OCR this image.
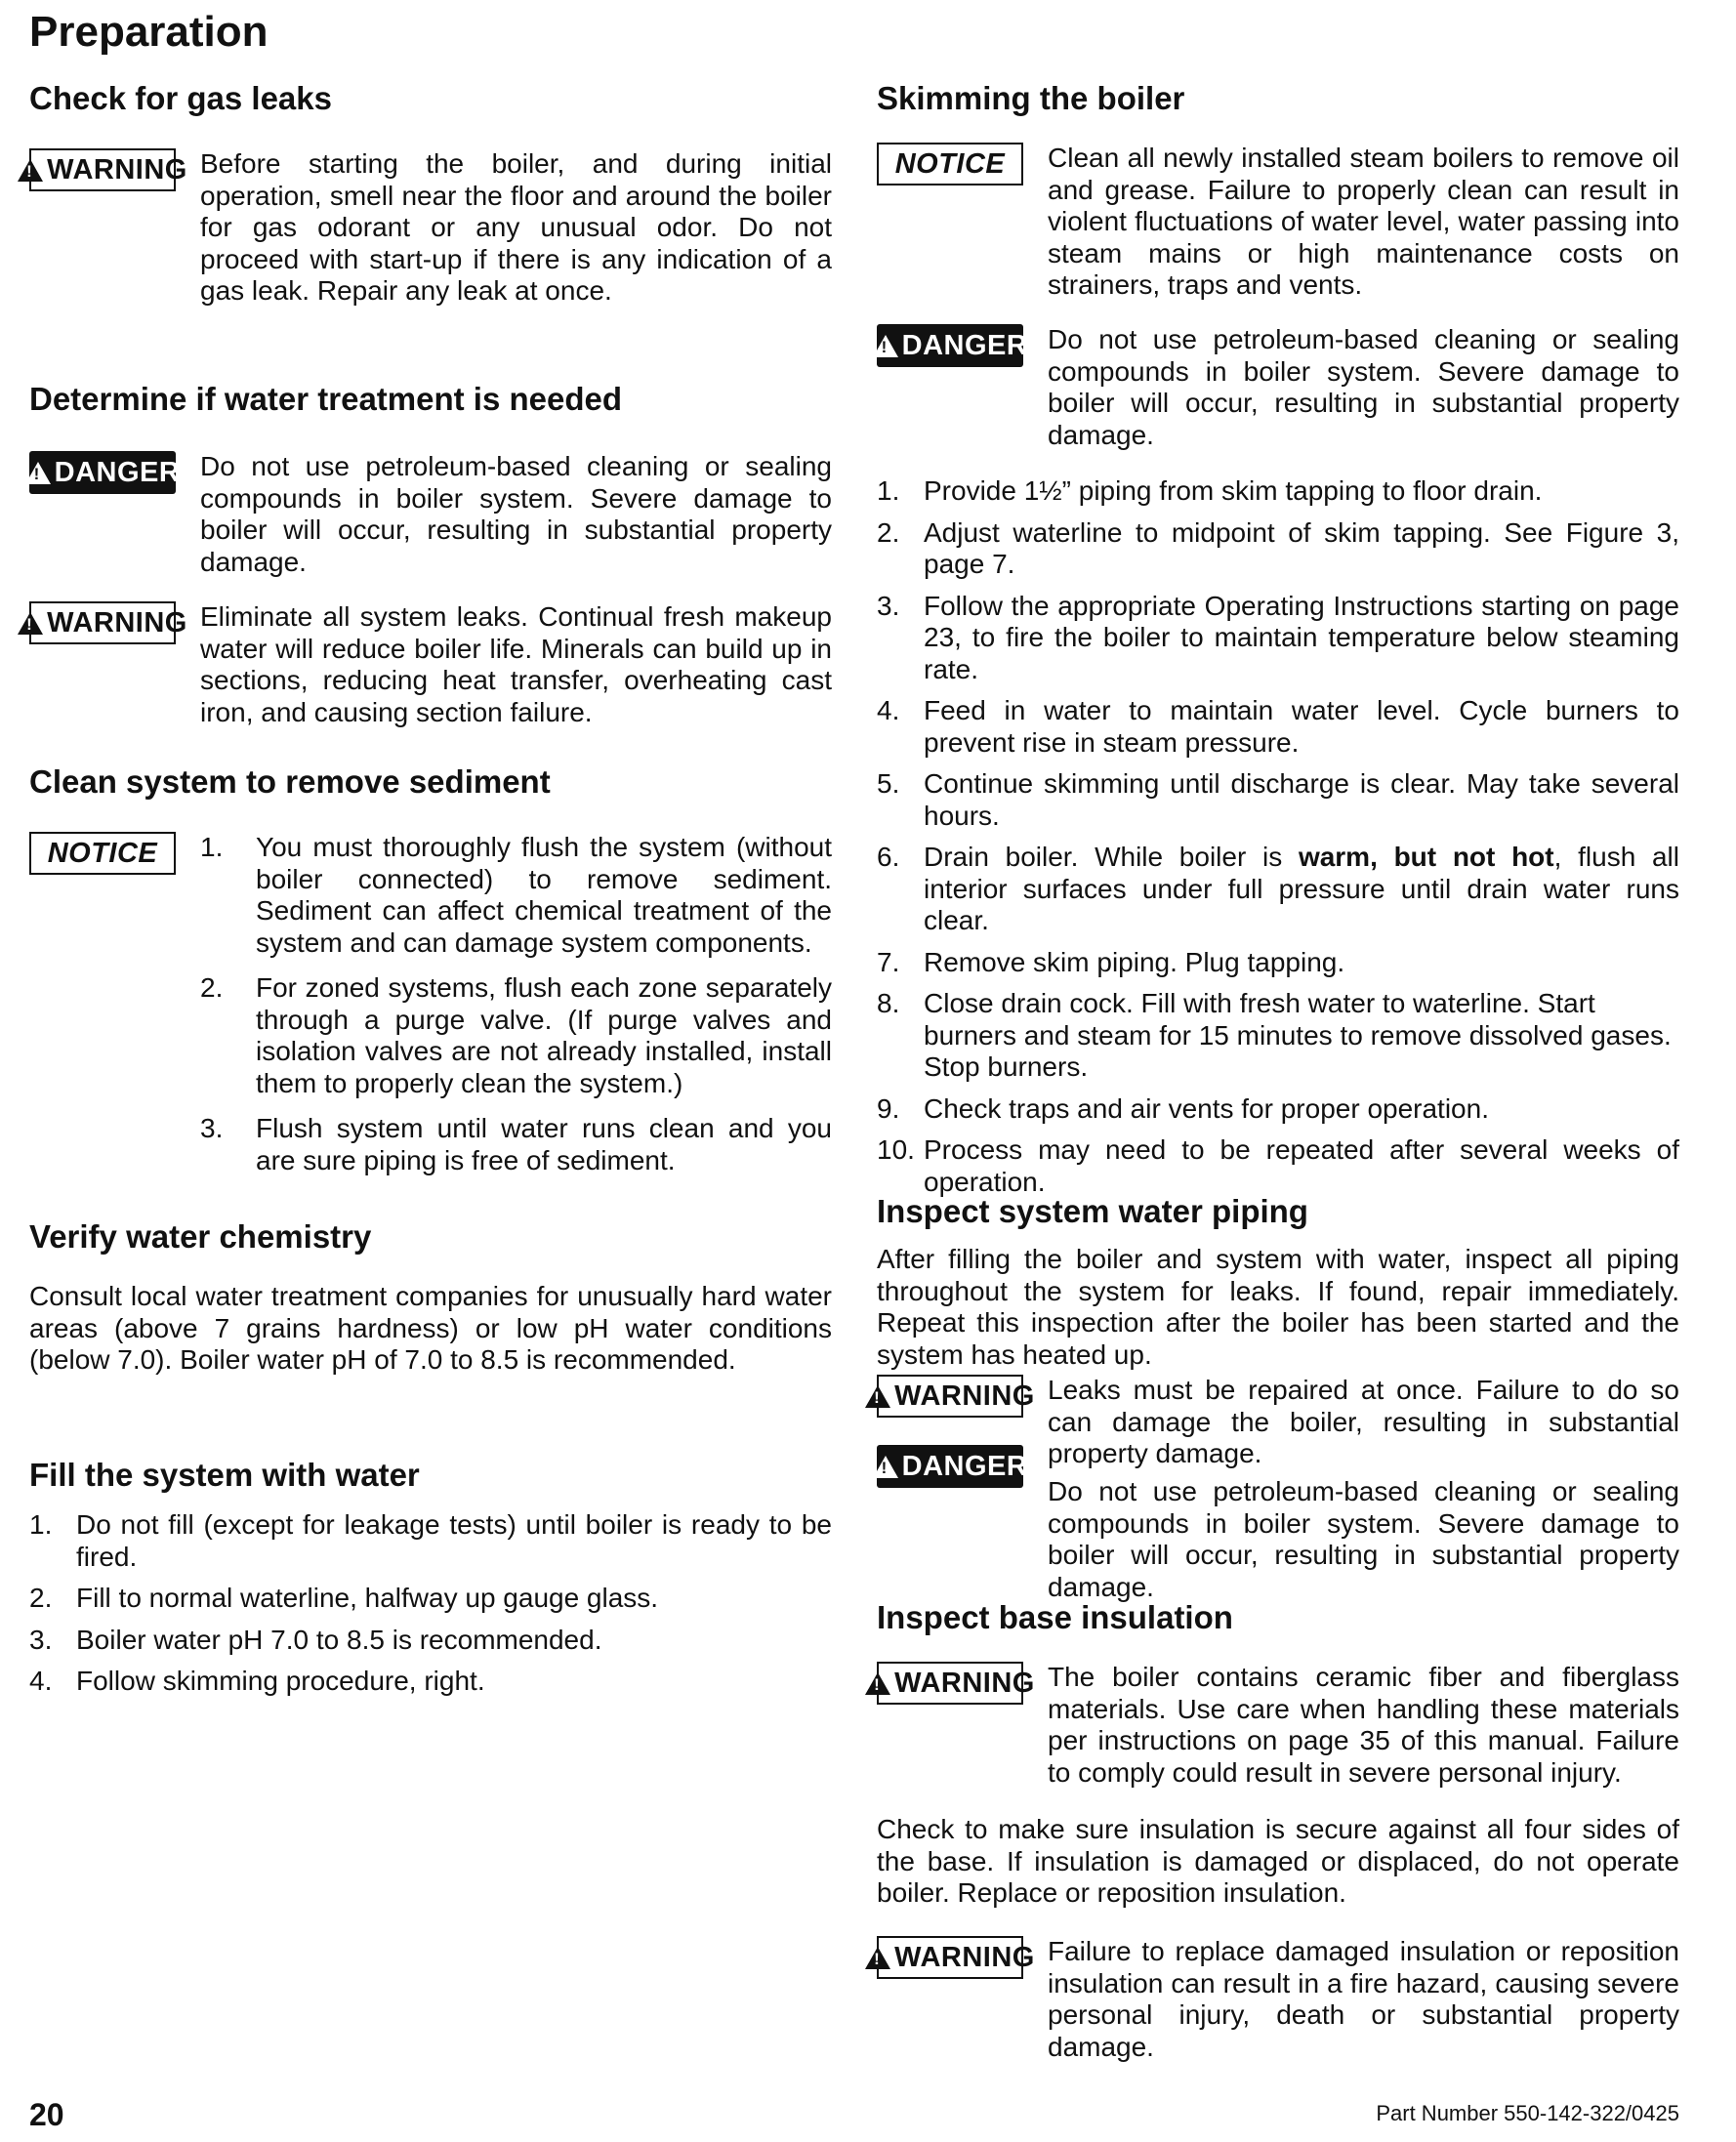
Preparation
Check for gas leaks
!
WARNING Before starting the boiler, and during initial operation, smell near the floor and around the boiler for gas odorant or any unusual odor. Do not proceed with start-up if there is any indication of a gas leak. Repair any leak at once.

Determine if water treatment is needed
!
DANGER Do not use petroleum-based cleaning or sealing compounds in boiler system. Severe damage to boiler will occur, resulting in substantial property damage.

!
WARNING Eliminate all system leaks. Continual fresh makeup water will reduce boiler life. Minerals can build up in sections, reducing heat transfer, overheating cast iron, and causing section failure.

Clean system to remove sediment
NOTICE 1. You must thoroughly flush the system (without boiler connected) to remove sediment. Sediment can affect chemical treatment of the system and can damage system components.
2. For zoned systems, flush each zone separately through a purge valve. (If purge valves and isolation valves are not already installed, install them to properly clean the system.)
3. Flush system until water runs clean and you are sure piping is free of sediment.
Verify water chemistry

Consult local water treatment companies for unusually hard water areas (above 7 grains hardness) or low pH water conditions (below 7.0). Boiler water pH of 7.0 to 8.5 is recommended.

Fill the system with water
1. Do not fill (except for leakage tests) until boiler is ready to be fired.
2. Fill to normal waterline, halfway up gauge glass.
3. Boiler water pH 7.0 to 8.5 is recommended.
4. Follow skimming procedure, right.
Skimming the boiler
NOTICE Clean all newly installed steam boilers to remove oil and grease. Failure to properly clean can result in violent fluctuations of water level, water passing into steam mains or high maintenance costs on strainers, traps and vents.

!
DANGER Do not use petroleum-based cleaning or sealing compounds in boiler system. Severe damage to boiler will occur, resulting in substantial property damage.

1. Provide 1½” piping from skim tapping to floor drain.
2. Adjust waterline to midpoint of skim tapping. See Figure 3, page 7.
3. Follow the appropriate Operating Instructions starting on page 23, to fire the boiler to maintain temperature below steaming rate.
4. Feed in water to maintain water level. Cycle burners to prevent rise in steam pressure.
5. Continue skimming until discharge is clear. May take several hours.
6. Drain boiler. While boiler is warm, but not hot, flush all interior surfaces under full pressure until drain water runs clear.
7. Remove skim piping. Plug tapping.
8. Close drain cock. Fill with fresh water to waterline. Start burners and steam for 15 minutes to remove dissolved gases. Stop burners.
9. Check traps and air vents for proper operation.
10. Process may need to be repeated after several weeks of operation.
Inspect system water piping

After filling the boiler and system with water, inspect all piping throughout the system for leaks. If found, repair immediately. Repeat this inspection after the boiler has been started and the system has heated up.

!
WARNING Leaks must be repaired at once. Failure to do so can damage the boiler, resulting in substantial property damage.

!
DANGER

Do not use petroleum-based cleaning or sealing compounds in boiler system. Severe damage to boiler will occur, resulting in substantial property damage.

Inspect base insulation
!
WARNING The boiler contains ceramic fiber and fiberglass materials. Use care when handling these materials per instructions on page 35 of this manual. Failure to comply could result in severe personal injury.

Check to make sure insulation is secure against all four sides of the base. If insulation is damaged or displaced, do not operate boiler. Replace or reposition insulation.

!
WARNING Failure to replace damaged insulation or reposition insulation can result in a fire hazard, causing severe personal injury, death or substantial property damage.

20	Part Number 550-142-322/0425
